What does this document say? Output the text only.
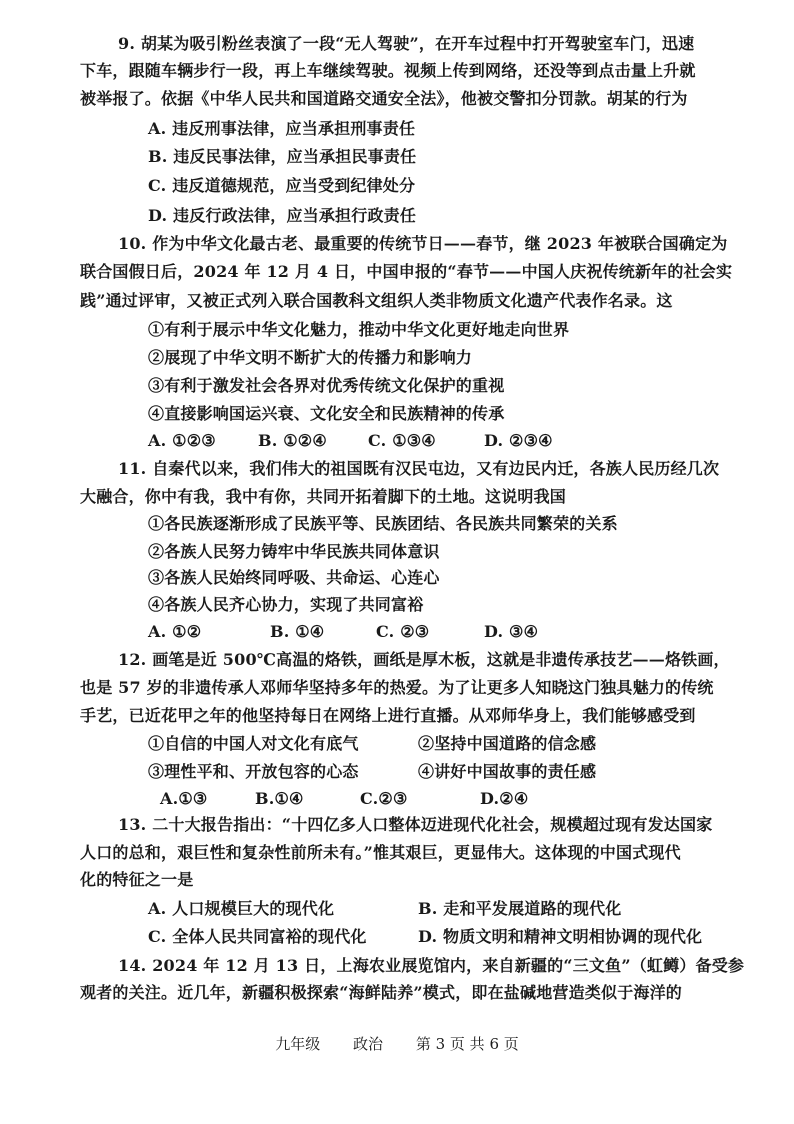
9. 胡某为吸引粉丝表演了一段“无人驾驶”，在开车过程中打开驾驶室车门，迅速
下车，跟随车辆步行一段，再上车继续驾驶。视频上传到网络，还没等到点击量上升就
被举报了。依据《中华人民共和国道路交通安全法》，他被交警扣分罚款。胡某的行为
A. 违反刑事法律，应当承担刑事责任
B. 违反民事法律，应当承担民事责任
C. 违反道德规范，应当受到纪律处分
D. 违反行政法律，应当承担行政责任
10. 作为中华文化最古老、最重要的传统节日——春节，继 2023 年被联合国确定为
联合国假日后，2024 年 12 月 4 日，中国申报的“春节——中国人庆祝传统新年的社会实
践”通过评审，又被正式列入联合国教科文组织人类非物质文化遗产代表作名录。这
①有利于展示中华文化魅力，推动中华文化更好地走向世界
②展现了中华文明不断扩大的传播力和影响力
③有利于激发社会各界对优秀传统文化保护的重视
④直接影响国运兴衰、文化安全和民族精神的传承
A. ①②③	B. ①②④	C. ①③④	D. ②③④
11. 自秦代以来，我们伟大的祖国既有汉民屯边，又有边民内迁，各族人民历经几次
大融合，你中有我，我中有你，共同开拓着脚下的土地。这说明我国
①各民族逐渐形成了民族平等、民族团结、各民族共同繁荣的关系
②各族人民努力铸牢中华民族共同体意识
③各族人民始终同呼吸、共命运、心连心
④各族人民齐心协力，实现了共同富裕
A. ①②	B. ①④	C. ②③	D. ③④
12. 画笔是近 500℃高温的烙铁，画纸是厚木板，这就是非遗传承技艺——烙铁画，
也是 57 岁的非遗传承人邓师华坚持多年的热爱。为了让更多人知晓这门独具魅力的传统
手艺，已近花甲之年的他坚持每日在网络上进行直播。从邓师华身上，我们能够感受到
①自信的中国人对文化有底气	②坚持中国道路的信念感
③理性平和、开放包容的心态	④讲好中国故事的责任感
A.①③	B.①④	C.②③	D.②④
13. 二十大报告指出：“十四亿多人口整体迈进现代化社会，规模超过现有发达国家
人口的总和，艰巨性和复杂性前所未有。”惟其艰巨，更显伟大。这体现的中国式现代
化的特征之一是
A. 人口规模巨大的现代化	B. 走和平发展道路的现代化
C. 全体人民共同富裕的现代化	D. 物质文明和精神文明相协调的现代化
14. 2024 年 12 月 13 日，上海农业展览馆内，来自新疆的“三文鱼”（虹鳟）备受参
观者的关注。近几年，新疆积极探索“海鲜陆养”模式，即在盐碱地营造类似于海洋的
九年级 政治 第 3 页 共 6 页
